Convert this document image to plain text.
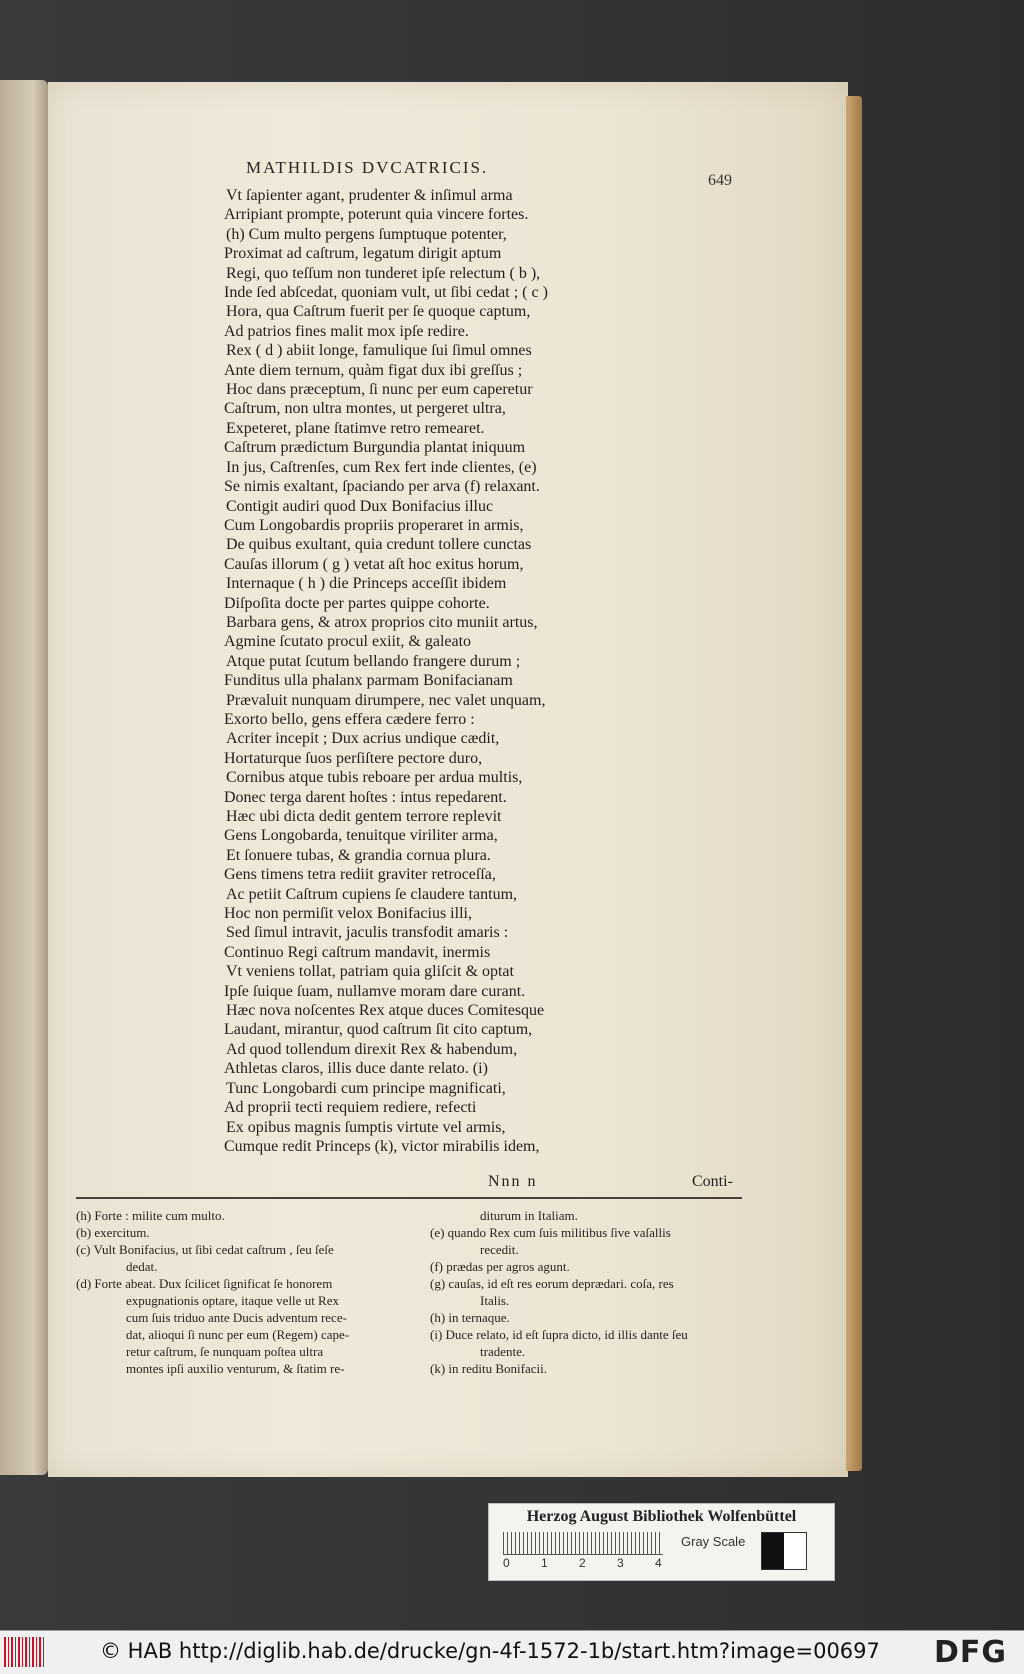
MATHILDIS DVCATRICIS.
649
Vt ſapienter agant, prudenter & inſimul arma
Arripiant prompte, poterunt quia vincere fortes.
(h) Cum multo pergens ſumptuque potenter,
Proximat ad caſtrum, legatum dirigit aptum
Regi, quo teſſum non tunderet ipſe relectum ( b ),
Inde ſed abſcedat, quoniam vult, ut ſibi cedat ; ( c )
Hora, qua Caſtrum fuerit per ſe quoque captum,
Ad patrios fines malit mox ipſe redire.
Rex ( d ) abiit longe, famulique ſui ſimul omnes
Ante diem ternum, quàm figat dux ibi greſſus ;
Hoc dans præceptum, ſi nunc per eum caperetur
Caſtrum, non ultra montes, ut pergeret ultra,
Expeteret, plane ſtatimve retro remearet.
Caſtrum prædictum Burgundia plantat iniquum
In jus, Caſtrenſes, cum Rex fert inde clientes, (e)
Se nimis exaltant, ſpaciando per arva (f) relaxant.
Contigit audiri quod Dux Bonifacius illuc
Cum Longobardis propriis properaret in armis,
De quibus exultant, quia credunt tollere cunctas
Cauſas illorum ( g ) vetat aſt hoc exitus horum,
Internaque ( h ) die Princeps acceſſit ibidem
Diſpoſita docte per partes quippe cohorte.
Barbara gens, & atrox proprios cito muniit artus,
Agmine ſcutato procul exiit, & galeato
Atque putat ſcutum bellando frangere durum ;
Funditus ulla phalanx parmam Bonifacianam
Prævaluit nunquam dirumpere, nec valet unquam,
Exorto bello, gens effera cædere ferro :
Acriter incepit ; Dux acrius undique cædit,
Hortaturque ſuos perſiſtere pectore duro,
Cornibus atque tubis reboare per ardua multis,
Donec terga darent hoſtes : intus repedarent.
Hæc ubi dicta dedit gentem terrore replevit
Gens Longobarda, tenuitque viriliter arma,
Et ſonuere tubas, & grandia cornua plura.
Gens timens tetra rediit graviter retroceſſa,
Ac petiit Caſtrum cupiens ſe claudere tantum,
Hoc non permiſit velox Bonifacius illi,
Sed ſimul intravit, jaculis transfodit amaris :
Continuo Regi caſtrum mandavit, inermis
Vt veniens tollat, patriam quia gliſcit & optat
Ipſe ſuique ſuam, nullamve moram dare curant.
Hæc nova noſcentes Rex atque duces Comitesque
Laudant, mirantur, quod caſtrum ſit cito captum,
Ad quod tollendum direxit Rex & habendum,
Athletas claros, illis duce dante relato. (i)
Tunc Longobardi cum principe magnificati,
Ad proprii tecti requiem rediere, refecti
Ex opibus magnis ſumptis virtute vel armis,
Cumque redit Princeps (k), victor mirabilis idem,
Nnn n	Conti-

(h) Forte : milite cum multo.

(b) exercitum.

(c) Vult Bonifacius, ut ſibi cedat caſtrum , ſeu ſeſe
dedat.

(d) Forte abeat. Dux ſcilicet ſignificat ſe honorem
expugnationis optare, itaque velle ut Rex
cum ſuis triduo ante Ducis adventum rece-
dat, alioqui ſi nunc per eum (Regem) cape-
retur caſtrum, ſe nunquam poſtea ultra
montes ipſi auxilio venturum, & ſtatim re-

diturum in Italiam.

(e) quando Rex cum ſuis militibus ſive vaſallis
recedit.

(f) prædas per agros agunt.

(g) cauſas, id eſt res eorum deprædari. coſa, res
Italis.

(h) in ternaque.

(i) Duce relato, id eſt ſupra dicto, id illis dante ſeu
tradente.

(k) in reditu Bonifacii.

Herzog August Bibliothek Wolfenbüttel
0	1	2	3	4
Gray Scale
© HAB http://diglib.hab.de/drucke/gn-4f-1572-1b/start.htm?image=00697 DFG
